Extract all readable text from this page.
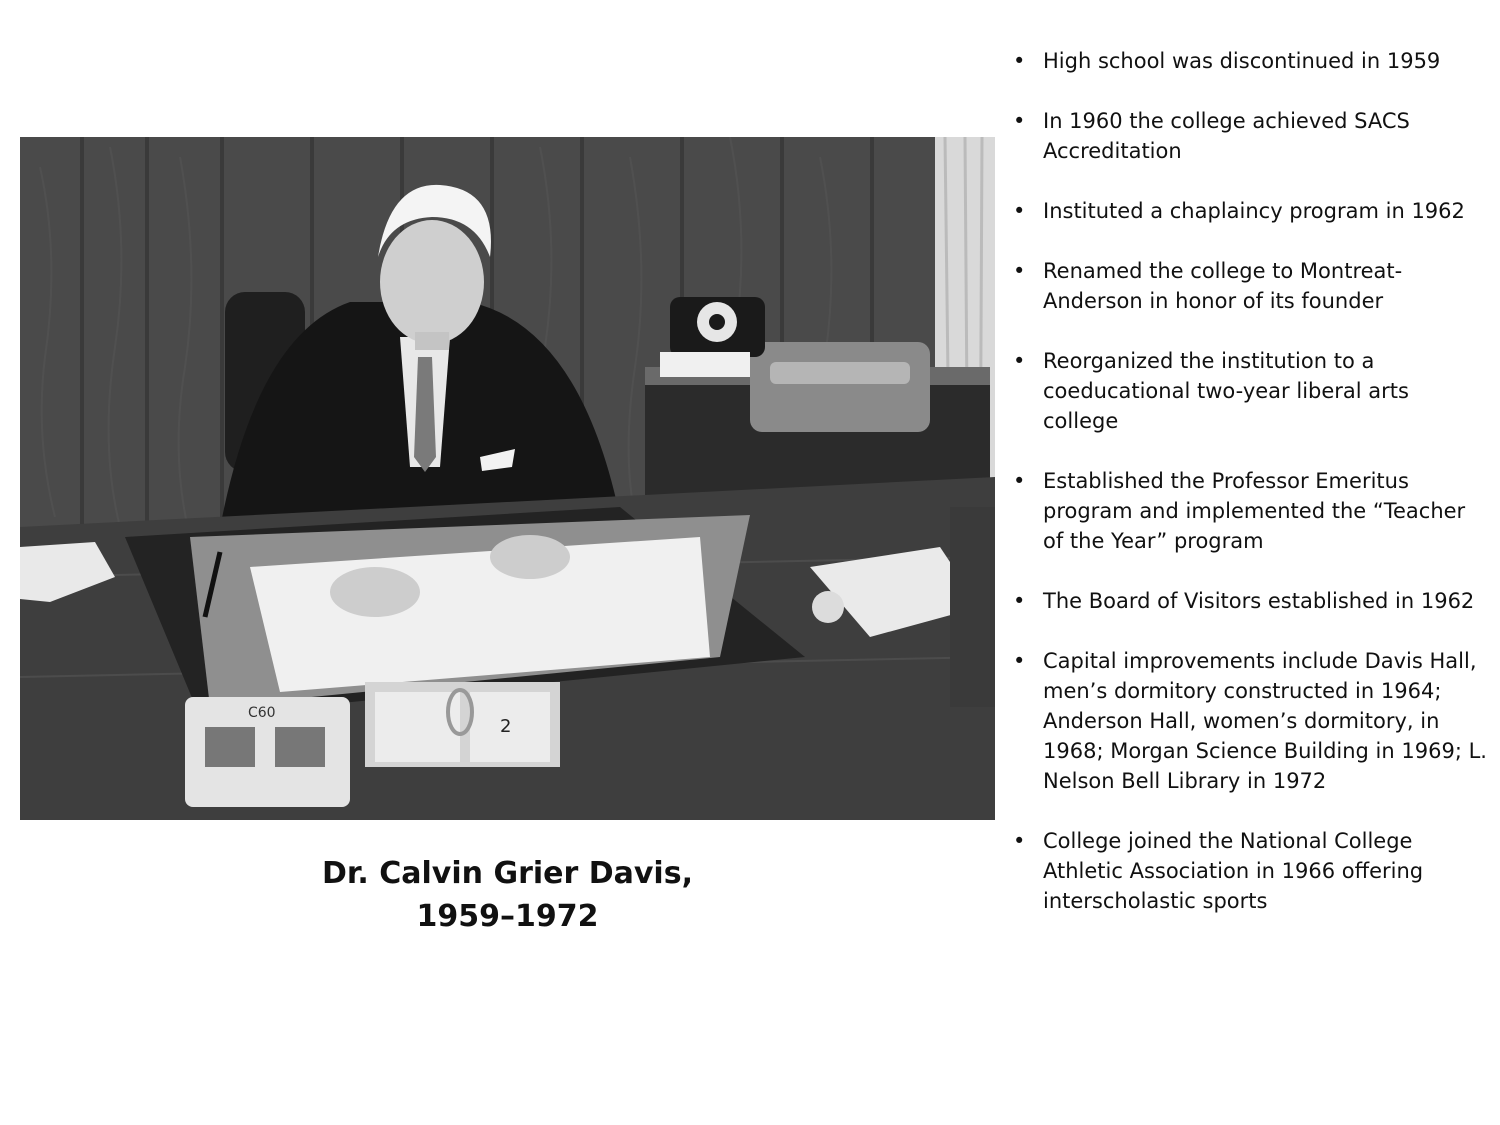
C60
2
Dr. Calvin Grier Davis,
1959–1972
• High school was discontinued in 1959
• In 1960 the college achieved SACS Accreditation
• Instituted a chaplaincy program in 1962
• Renamed the college to Montreat-Anderson in honor of its founder
• Reorganized the institution to a coeducational two-year liberal arts college
• Established the Professor Emeritus program and implemented the “Teacher of the Year” program
• The Board of Visitors established in 1962
• Capital improvements include Davis Hall, men’s dormitory constructed in 1964; Anderson Hall, women’s dormitory, in 1968; Morgan Science Building in 1969; L. Nelson Bell Library in 1972
• College joined the National College Athletic Association in 1966 offering interscholastic sports
